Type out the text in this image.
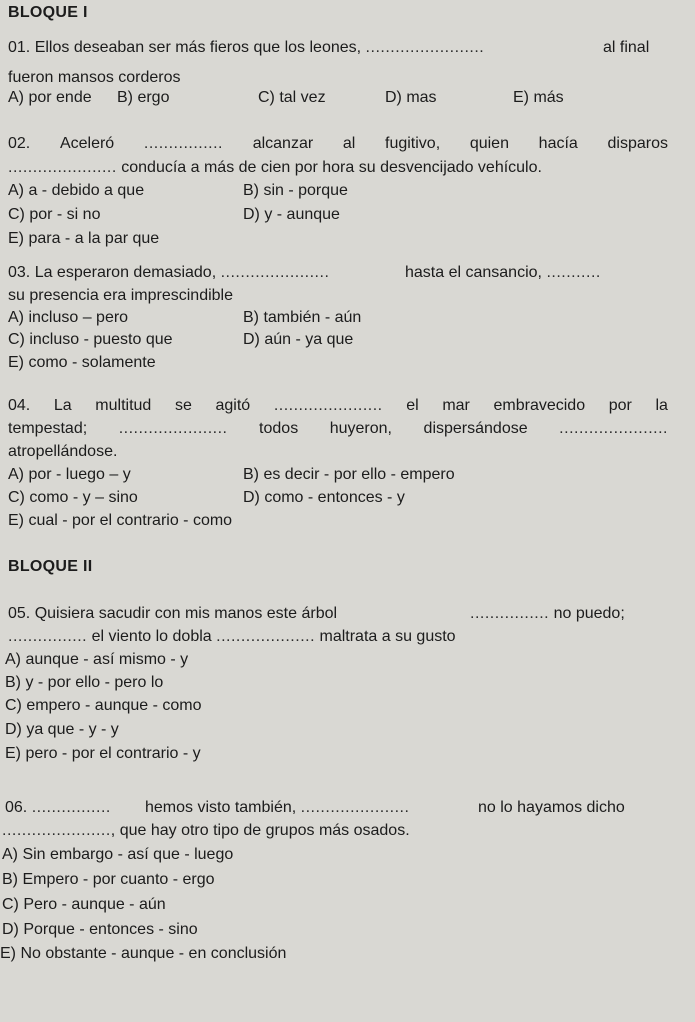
BLOQUE I
01. Ellos deseaban ser más fieros que los leones, ........................	al final
fueron mansos corderos
A) por ende B) ergo	C) tal vez	D) mas	E) más
02. Aceleró ................ alcanzar al fugitivo, quien hacía disparos
...................... conducía a más de cien por hora su desvencijado vehículo.
A) a - debido a que	B) sin - porque
C) por - si no	D) y - aunque
E) para - a la par que
03. La esperaron demasiado, ......................	hasta el cansancio, ...........
su presencia era imprescindible
A) incluso – pero	B) también - aún
C) incluso - puesto que	D) aún - ya que
E) como - solamente
04. La multitud se agitó ...................... el mar embravecido por la
tempestad; ...................... todos huyeron, dispersándose ......................
atropellándose.
A) por - luego – y	B) es decir - por ello - empero
C) como - y – sino	D) como - entonces - y
E) cual - por el contrario - como
BLOQUE II
05. Quisiera sacudir con mis manos este árbol	................ no puedo;
................ el viento lo dobla .................... maltrata a su gusto
A) aunque - así mismo - y
B) y - por ello - pero lo
C) empero - aunque - como
D) ya que - y - y
E) pero - por el contrario - y
06. ................ hemos visto también, ......................	no lo hayamos dicho
......................, que hay otro tipo de grupos más osados.
A) Sin embargo - así que - luego
B) Empero - por cuanto - ergo
C) Pero - aunque - aún
D) Porque - entonces - sino
E) No obstante - aunque - en conclusión
